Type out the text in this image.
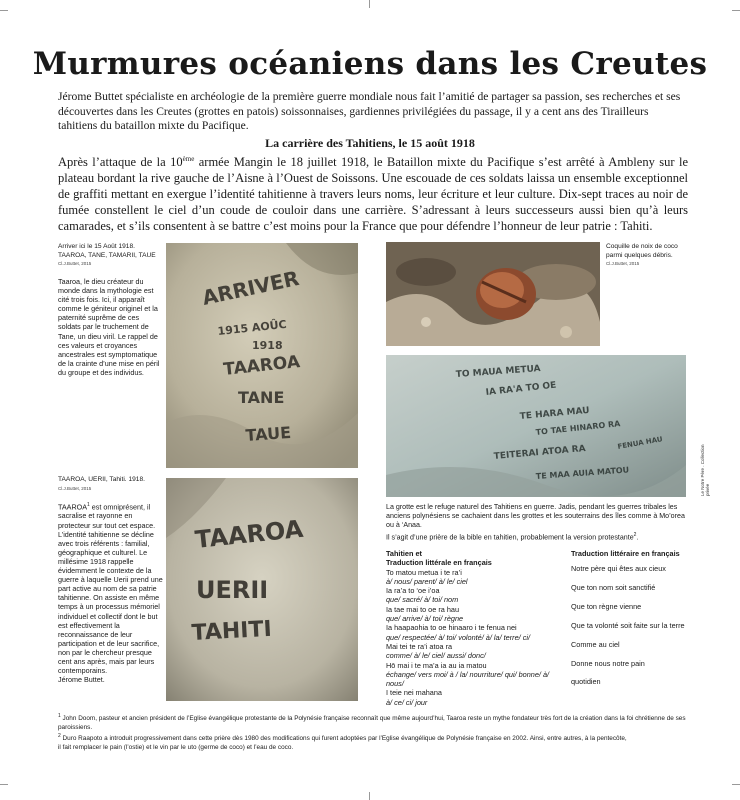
Murmures océaniens dans les Creutes
Jérome Buttet spécialiste en archéologie de la première guerre mondiale nous fait l’amitié de partager sa passion, ses recherches et ses découvertes dans les Creutes (grottes en patois) soissonnaises, gardiennes privilégiées du passage, il y a cent ans des Tirailleurs tahitiens du bataillon mixte du Pacifique.
La carrière des Tahitiens, le 15 août 1918
Après l’attaque de la 10ème armée Mangin le 18 juillet 1918, le Bataillon mixte du Pacifique s’est arrêté à Ambleny sur le plateau bordant la rive gauche de l’Aisne à l’Ouest de Soissons. Une escouade de ces soldats laissa un ensemble exceptionnel de graffiti mettant en exergue l’identité tahitienne à travers leurs noms, leur écriture et leur culture. Dix-sept traces au noir de fumée constellent le ciel d’un coude de couloir dans une carrière. S’adressant à leurs successeurs aussi bien qu’à leurs camarades, et s’ils consentent à se battre c’est moins pour la France que pour défendre l’honneur de leur patrie : Tahiti.
Arriver ici le 15 Août 1918.
TAAROA, TANE, TAMARII, TAUE
Cl.J.Buttet, 2015
Taaroa, le dieu créateur du monde dans la mythologie est cité trois fois. Ici, il apparaît comme le géniteur originel et la paternité suprême de ces soldats par le truchement de Tane, un dieu viril. Le rappel de ces valeurs et croyances ancestrales est symptomatique de la crainte d’une mise en péril du groupe et des individus.
ARRIVER
1915 AOÛC
1918
TAAROA
TANE
TAUE
TAAROA, UERII, Tahiti. 1918.
Cl.J.Buttet, 2015
TAAROA$^1$ est omniprésent, il sacralise et rayonne en protecteur sur tout cet espace. L’identité tahitienne se décline avec trois référents : familial, géographique et culturel. Le millésime 1918 rappelle évidemment le contexte de la guerre à laquelle Uerii prend une part active au nom de sa patrie tahitienne. On assiste en même temps à un processus mémoriel individuel et collectif dont le but est effectivement la reconnaissance de leur participation et de leur sacrifice, non par le chercheur presque cent ans après, mais par leurs contemporains.
Jérome Buttet.
TAAROA
UERII
TAHITI
Coquille de noix de coco
parmi quelques débris.
Cl.J.Buttet, 2015
TO MAUA METUA
IA RA'A TO OE
TE HARA MAU
TO TAE HINARO RA
TEITERAI ATOA RA
FENUA HAU
TE MAA AUIA MATOU	Le Notre Père . Collection privée
La grotte est le refuge naturel des Tahitiens en guerre. Jadis, pendant les guerres tribales les anciens polynésiens se cachaient dans les grottes et les souterrains des îles comme à Mo’orea ou à ‘Anaa.
Il s’agit d’une prière de la bible en tahitien, probablement la version protestante$^2$.
Tahitien et
Traduction littérale en français
To matou metua i te ra’i
à/ nous/ parent/ à/ le/ ciel
Ia ra’a to ‘oe i’oa
que/ sacré/ à/ toi/ nom
Ia tae mai to oe ra hau
que/ arrive/ à/ toi/ règne
Ia haapaohia to oe hinaaro i te fenua nei
que/ respectée/ à/ toi/ volonté/ à/ la/ terre/ ci/
Mai tei te ra’i atoa ra
comme/ à/ le/ ciel/ aussi/ donc/
Hō mai i te ma’a ia au ia matou
échange/ vers moi/ à / la/ nourriture/ qui/ bonne/ à/ nous/
I teie nei mahana
à/ ce/ ci/ jour
Traduction littéraire en français
Notre père qui êtes aux cieux
Que ton nom soit sanctifié
Que ton règne vienne
Que ta volonté soit faite sur la terre
Comme au ciel
Donne nous notre pain
quotidien

$^1$ John Doom, pasteur et ancien président de l’Eglise évangélique protestante de la Polynésie française reconnaît que même aujourd’hui, Taaroa reste un mythe fondateur très fort de la création dans la foi chrétienne de ses paroissiens.

$^2$ Duro Raapoto a introduit progressivement dans cette prière dès 1980 des modifications qui furent adoptées par l’Eglise évangélique de Polynésie française en 2002. Ainsi, entre autres, à la pentecôte,

il fait remplacer le pain (l’ostie) et le vin par le uto (germe de coco) et l’eau de coco.
